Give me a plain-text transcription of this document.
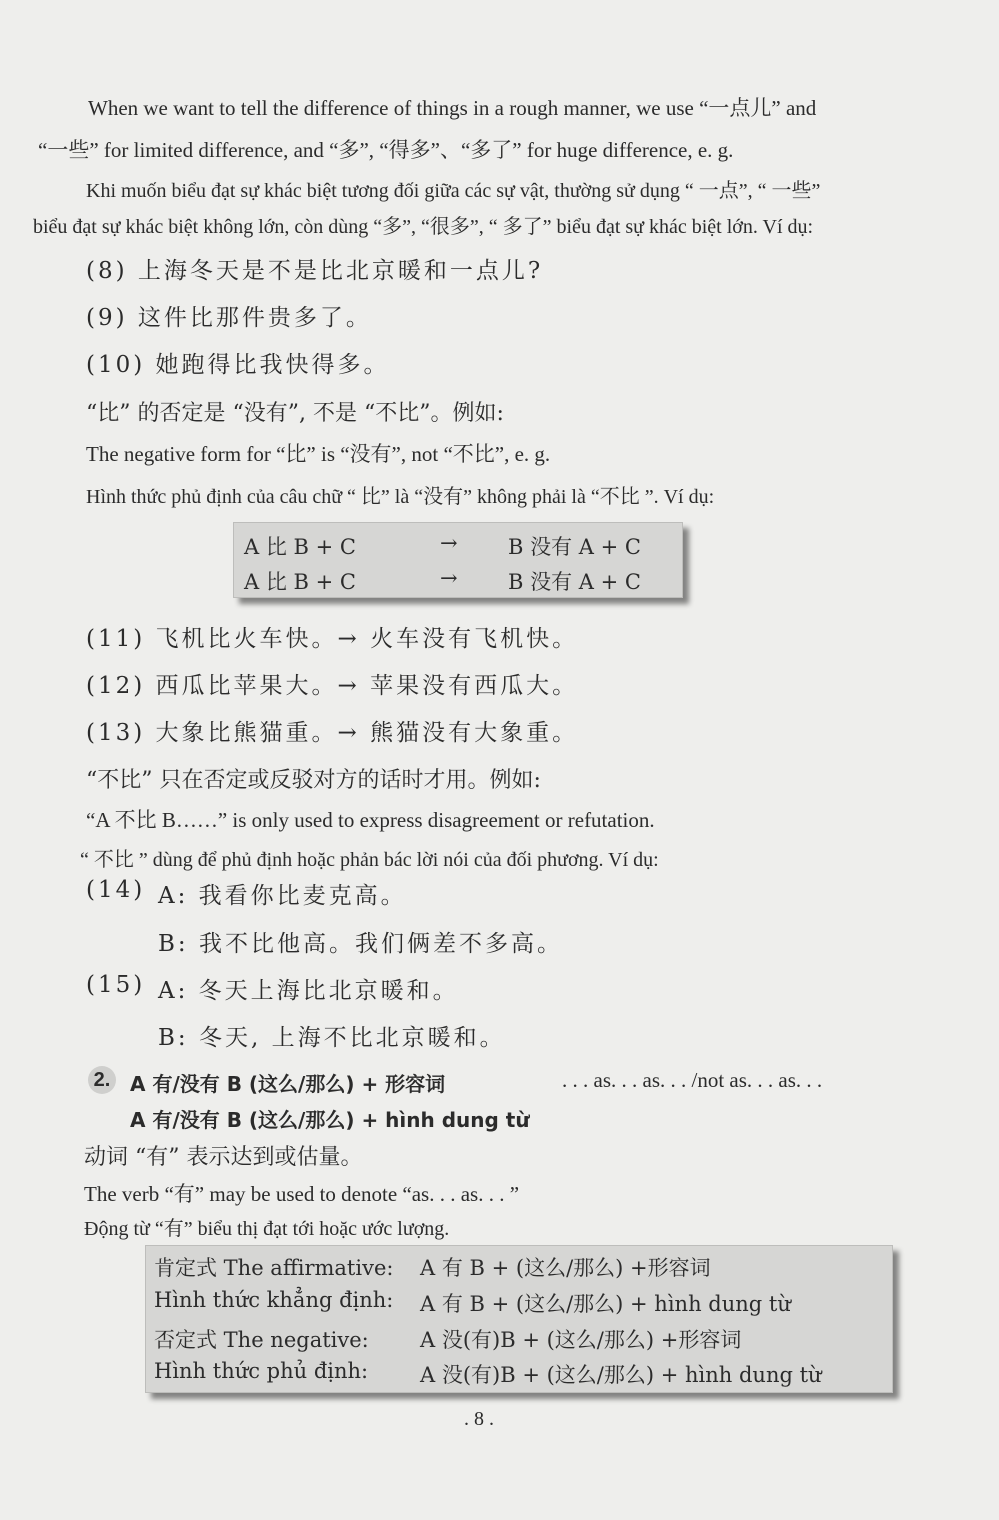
When we want to tell the difference of things in a rough manner, we use “一点儿” and
“一些” for limited difference, and “多”, “得多”、“多了” for huge difference, e. g.
Khi muốn biểu đạt sự khác biệt tương đối giữa các sự vật, thường sử dụng “ 一点”, “ 一些”
biểu đạt sự khác biệt không lớn, còn dùng “多”, “很多”, “ 多了” biểu đạt sự khác biệt lớn. Ví dụ:
(8) 上海冬天是不是比北京暖和一点儿?
(9) 这件比那件贵多了。
(10) 她跑得比我快得多。
“比” 的否定是 “没有”, 不是 “不比”。例如:
The negative form for “比” is “没有”, not “不比”, e. g.
Hình thức phủ định của câu chữ “ 比” là “没有” không phải là “不比 ”. Ví dụ:
A 比 B + C	→ B 没有 A + C
A 比 B + C	→ B 没有 A + C
(11) 飞机比火车快。→ 火车没有飞机快。
(12) 西瓜比苹果大。→ 苹果没有西瓜大。
(13) 大象比熊猫重。→ 熊猫没有大象重。
“不比” 只在否定或反驳对方的话时才用。例如:
“A 不比 B……” is only used to express disagreement or refutation.
“ 不比 ” dùng để phủ định hoặc phản bác lời nói của đối phương. Ví dụ:
(14) A: 我看你比麦克高。
B: 我不比他高。我们俩差不多高。
(15) A: 冬天上海比北京暖和。
B: 冬天, 上海不比北京暖和。
2. A 有/没有 B (这么/那么) + 形容词	. . . as. . . as. . . /not as. . . as. . .
A 有/没有 B (这么/那么) + hình dung từ
动词 “有” 表示达到或估量。
The verb “有” may be used to denote “as. . . as. . . ”
Động từ “有” biểu thị đạt tới hoặc ước lượng.
肯定式 The affirmative: A 有 B + (这么/那么) +形容词
Hình thức khẳng định: A 有 B + (这么/那么) + hình dung từ
否定式 The negative: A 没(有)B + (这么/那么) +形容词
Hình thức phủ định: A 没(有)B + (这么/那么) + hình dung từ
. 8 .
